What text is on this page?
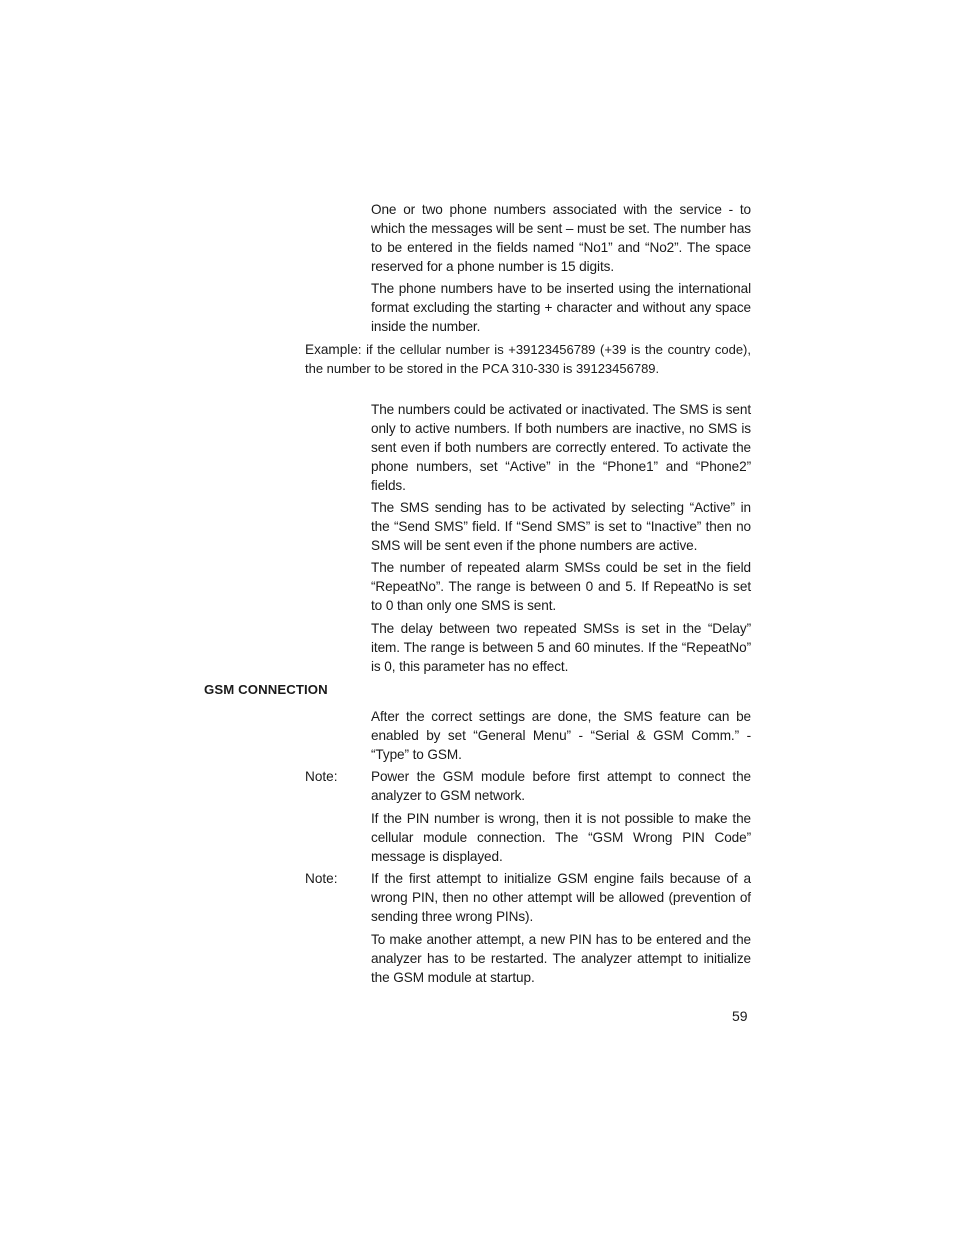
One or two phone numbers associated with the service - to which the messages will be sent – must be set. The number has to be entered in the fields named “No1” and “No2”. The space reserved for a phone number is 15 digits.

The phone numbers have to be inserted using the international format excluding the starting + character and without any space inside the number.

Example: if the cellular number is +39123456789 (+39 is the country code), the number to be stored in the PCA 310-330 is 39123456789.

The numbers could be activated or inactivated. The SMS is sent only to active numbers. If both numbers are inactive, no SMS is sent even if both numbers are correctly entered. To activate the phone numbers, set “Active” in the “Phone1” and “Phone2” fields.

The SMS sending has to be activated by selecting “Active” in the “Send SMS” field. If “Send SMS” is set to “Inactive” then no SMS will be sent even if the phone numbers are active.

The number of repeated alarm SMSs could be set in the field “RepeatNo”. The range is between 0 and 5. If RepeatNo is set to 0 than only one SMS is sent.

The delay between two repeated SMSs is set in the “Delay” item. The range is between 5 and 60 minutes. If the “RepeatNo” is 0, this parameter has no effect.

GSM CONNECTION

After the correct settings are done, the SMS feature can be enabled by set “General Menu” - “Serial & GSM Comm.” - “Type” to GSM.

Note: Power the GSM module before first attempt to connect the analyzer to GSM network.

If the PIN number is wrong, then it is not possible to make the cellular module connection. The “GSM Wrong PIN Code” message is displayed.

Note: If the first attempt to initialize GSM engine fails because of a wrong PIN, then no other attempt will be allowed (prevention of sending three wrong PINs).

To make another attempt, a new PIN has to be entered and the analyzer has to be restarted. The analyzer attempt to initialize the GSM module at startup.

59
